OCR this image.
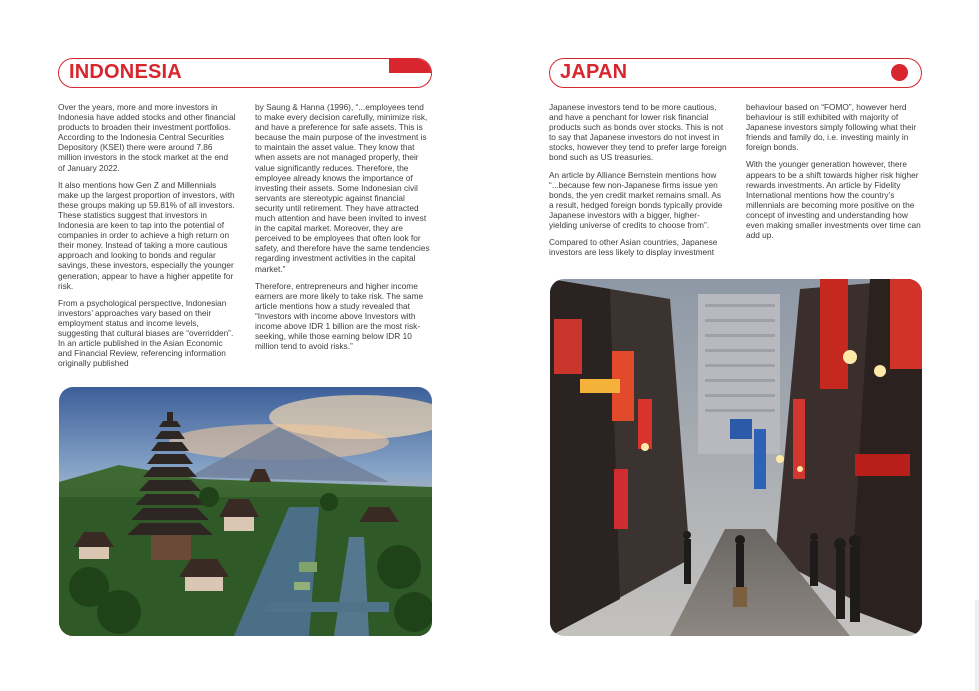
INDONESIA

Over the years, more and more investors in Indonesia have added stocks and other financial products to broaden their investment portfolios. According to the Indonesia Central Securities Depository (KSEI) there were around 7.86 million investors in the stock market at the end of January 2022.

It also mentions how Gen Z and Millennials make up the largest proportion of investors, with these groups making up 59.81% of all investors. These statistics suggest that investors in Indonesia are keen to tap into the potential of companies in order to achieve a high return on their money. Instead of taking a more cautious approach and looking to bonds and regular savings, these investors, especially the younger generation, appear to have a higher appetite for risk.

From a psychological perspective, Indonesian investors’ approaches vary based on their employment status and income levels, suggesting that cultural biases are “overridden”. In an article published in the Asian Economic and Financial Review, referencing information originally published

by Saung & Hanna (1996), “...employees tend to make every decision carefully, minimize risk, and have a preference for safe assets. This is because the main purpose of the investment is to maintain the asset value. They know that when assets are not managed properly, their value significantly reduces. Therefore, the employee already knows the importance of investing their assets. Some Indonesian civil servants are stereotypic against financial security until retirement. They have attracted much attention and have been invited to invest in the capital market. Moreover, they are perceived to be employees that often look for safety, and therefore have the same tendencies regarding investment activities in the capital market.”

Therefore, entrepreneurs and higher income earners are more likely to take risk. The same article mentions how a study revealed that “Investors with income above Investors with income above IDR 1 billion are the most risk-seeking, while those earning below IDR 10 million tend to avoid risks.”

JAPAN

Japanese investors tend to be more cautious, and have a penchant for lower risk financial products such as bonds over stocks. This is not to say that Japanese investors do not invest in stocks, however they tend to prefer large foreign bond such as US treasuries.

An article by Alliance Bernstein mentions how “...because few non-Japanese firms issue yen bonds, the yen credit market remains small. As a result, hedged foreign bonds typically provide Japanese investors with a bigger, higher-yielding universe of credits to choose from”.

Compared to other Asian countries, Japanese investors are less likely to display investment

behaviour based on “FOMO”, however herd behaviour is still exhibited with majority of Japanese investors simply following what their friends and family do, i.e. investing mainly in foreign bonds.

With the younger generation however, there appears to be a shift towards higher risk higher rewards investments. An article by Fidelity International mentions how the country’s millennials are becoming more positive on the concept of investing and understanding how even making smaller investments over time can add up.
